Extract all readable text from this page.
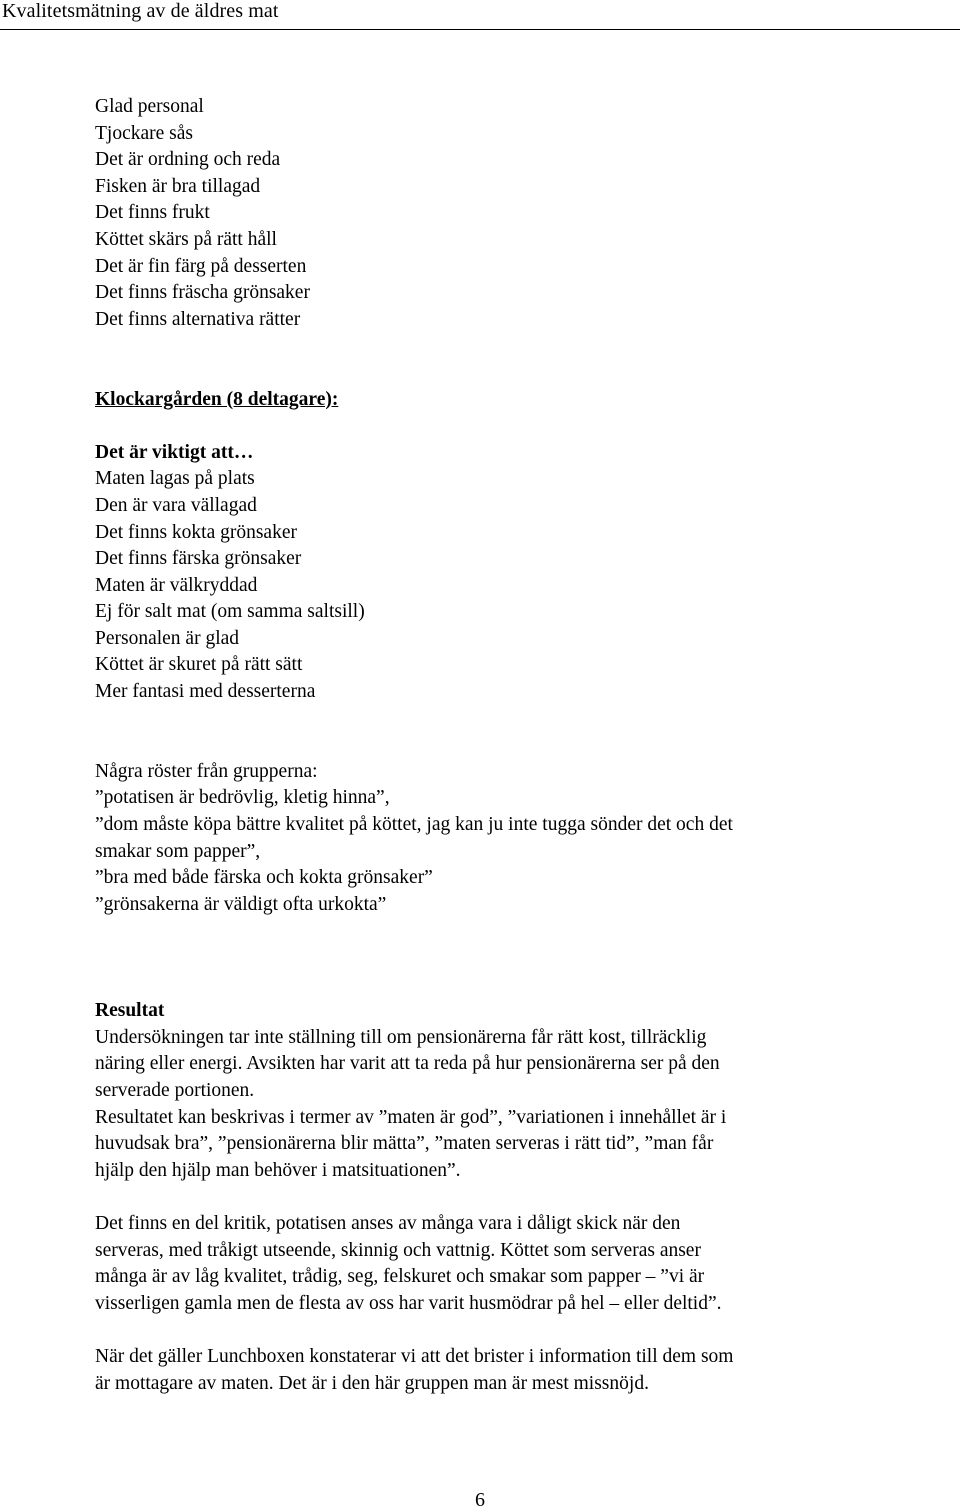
Kvalitetsmätning av de äldres mat
Glad personal
Tjockare sås
Det är ordning och reda
Fisken är bra tillagad
Det finns frukt
Köttet skärs på rätt håll
Det är fin färg på desserten
Det finns fräscha grönsaker
Det finns alternativa rätter
Klockargården (8 deltagare):
Det är viktigt att…
Maten lagas på plats
Den är vara vällagad
Det finns kokta grönsaker
Det finns färska grönsaker
Maten är välkryddad
Ej för salt mat (om samma saltsill)
Personalen är glad
Köttet är skuret på rätt sätt
Mer fantasi med desserterna
Några röster från grupperna:
”potatisen är bedrövlig, kletig hinna”,
”dom måste köpa bättre kvalitet på köttet, jag kan ju inte tugga sönder det och det
smakar som papper”,
”bra med både färska och kokta grönsaker”
”grönsakerna är väldigt ofta urkokta”
Resultat
Undersökningen tar inte ställning till om pensionärerna får rätt kost, tillräcklig
näring eller energi. Avsikten har varit att ta reda på hur pensionärerna ser på den
serverade portionen.
Resultatet kan beskrivas i termer av ”maten är god”, ”variationen i innehållet är i
huvudsak bra”, ”pensionärerna blir mätta”, ”maten serveras i rätt tid”, ”man får
hjälp den hjälp man behöver i matsituationen”.
Det finns en del kritik, potatisen anses av många vara i dåligt skick när den
serveras, med tråkigt utseende, skinnig och vattnig. Köttet som serveras anser
många är av låg kvalitet, trådig, seg, felskuret och smakar som papper – ”vi är
visserligen gamla men de flesta av oss har varit husmödrar på hel – eller deltid”.
När det gäller Lunchboxen konstaterar vi att det brister i information till dem som
är mottagare av maten. Det är i den här gruppen man är mest missnöjd.
6
